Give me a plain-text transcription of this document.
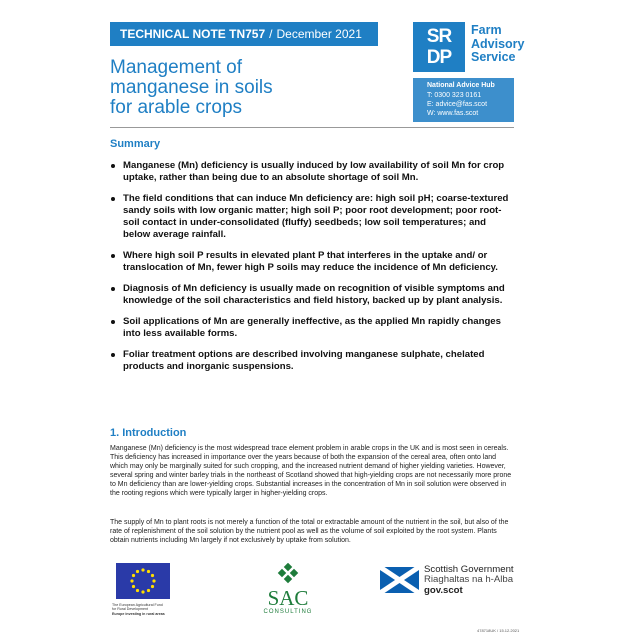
TECHNICAL NOTE TN757 / December 2021	SR
DP
Farm
Advisory
Service
National Advice Hub
T: 0300 323 0161
E: advice@fas.scot
W: www.fas.scot
Management of
manganese in soils
for arable crops
Summary
Manganese (Mn) deficiency is usually induced by low availability of soil Mn for crop uptake, rather than being due to an absolute shortage of soil Mn.
The field conditions that can induce Mn deficiency are: high soil pH; coarse-textured sandy soils with low organic matter; high soil P; poor root development; poor root-soil contact in under-consolidated (fluffy) seedbeds; low soil temperatures; and below average rainfall.
Where high soil P results in elevated plant P that interferes in the uptake and/ or translocation of Mn, fewer high P soils may reduce the incidence of Mn deficiency.
Diagnosis of Mn deficiency is usually made on recognition of visible symptoms and knowledge of the soil characteristics and field history, backed up by plant analysis.
Soil applications of Mn are generally ineffective, as the applied Mn rapidly changes into less available forms.
Foliar treatment options are described involving manganese sulphate, chelated products and inorganic suspensions.
1. Introduction

Manganese (Mn) deficiency is the most widespread trace element problem in arable crops in the UK and is most seen in cereals. This deficiency has increased in importance over the years because of both the expansion of the cereal area, often onto land which may only be marginally suited for such cropping, and the increased nutrient demand of higher yielding varieties. However, several spring and winter barley trials in the northeast of Scotland showed that high-yielding crops are not necessarily more prone to Mn deficiency than are lower-yielding crops. Substantial increases in the concentration of Mn in soil solution were observed in the rooting regions which were typically larger in higher-yielding crops.

The supply of Mn to plant roots is not merely a function of the total or extractable amount of the nutrient in the soil, but also of the rate of replenishment of the soil solution by the nutrient pool as well as the volume of soil exploited by the root system. Plants obtain nutrients including Mn largely if not exclusively by uptake from solution.

The European Agricultural Fund
for Rural Development
Europe investing in rural areas
SAC
CONSULTING
Scottish Government
Riaghaltas na h-Alba
gov.scot
478718UK / 15.12.2021
